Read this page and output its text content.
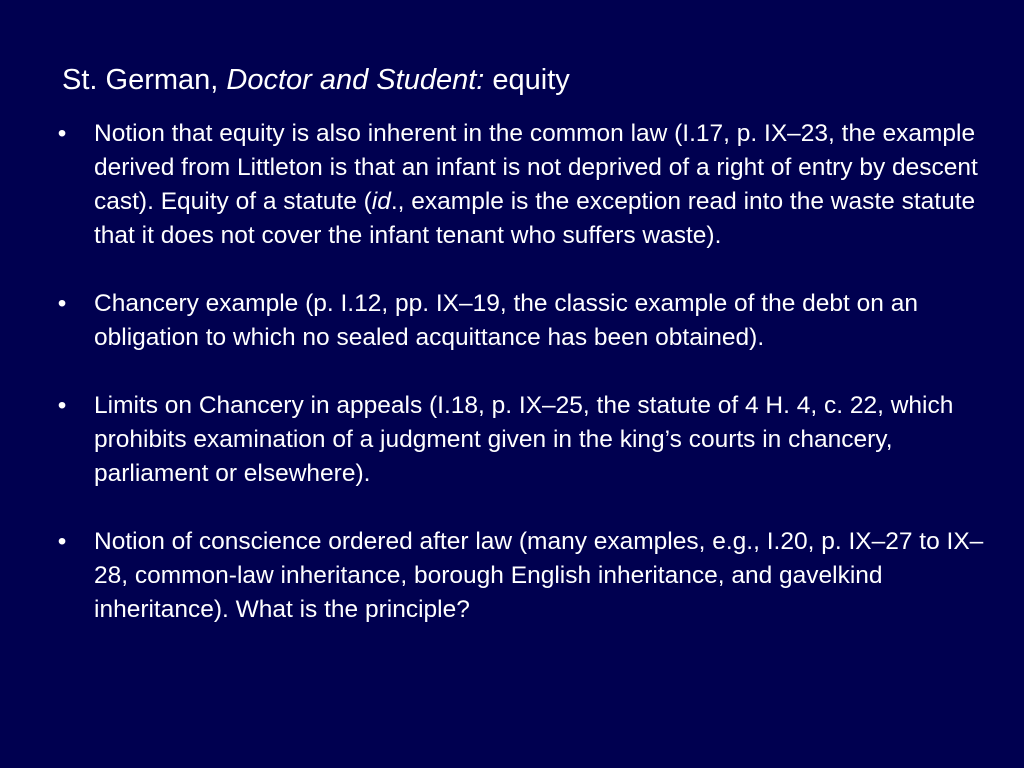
St. German, Doctor and Student: equity
• Notion that equity is also inherent in the common law (I.17, p. IX–23, the example derived from Littleton is that an infant is not deprived of a right of entry by descent cast). Equity of a statute (id., example is the exception read into the waste statute that it does not cover the infant tenant who suffers waste).
• Chancery example (p. I.12, pp. IX–19, the classic example of the debt on an obligation to which no sealed acquittance has been obtained).
• Limits on Chancery in appeals (I.18, p. IX–25, the statute of 4 H. 4, c. 22, which prohibits examination of a judgment given in the king’s courts in chancery, parliament or elsewhere).
• Notion of conscience ordered after law (many examples, e.g., I.20, p. IX–27 to IX–28, common-law inheritance, borough English inheritance, and gavelkind inheritance). What is the principle?
